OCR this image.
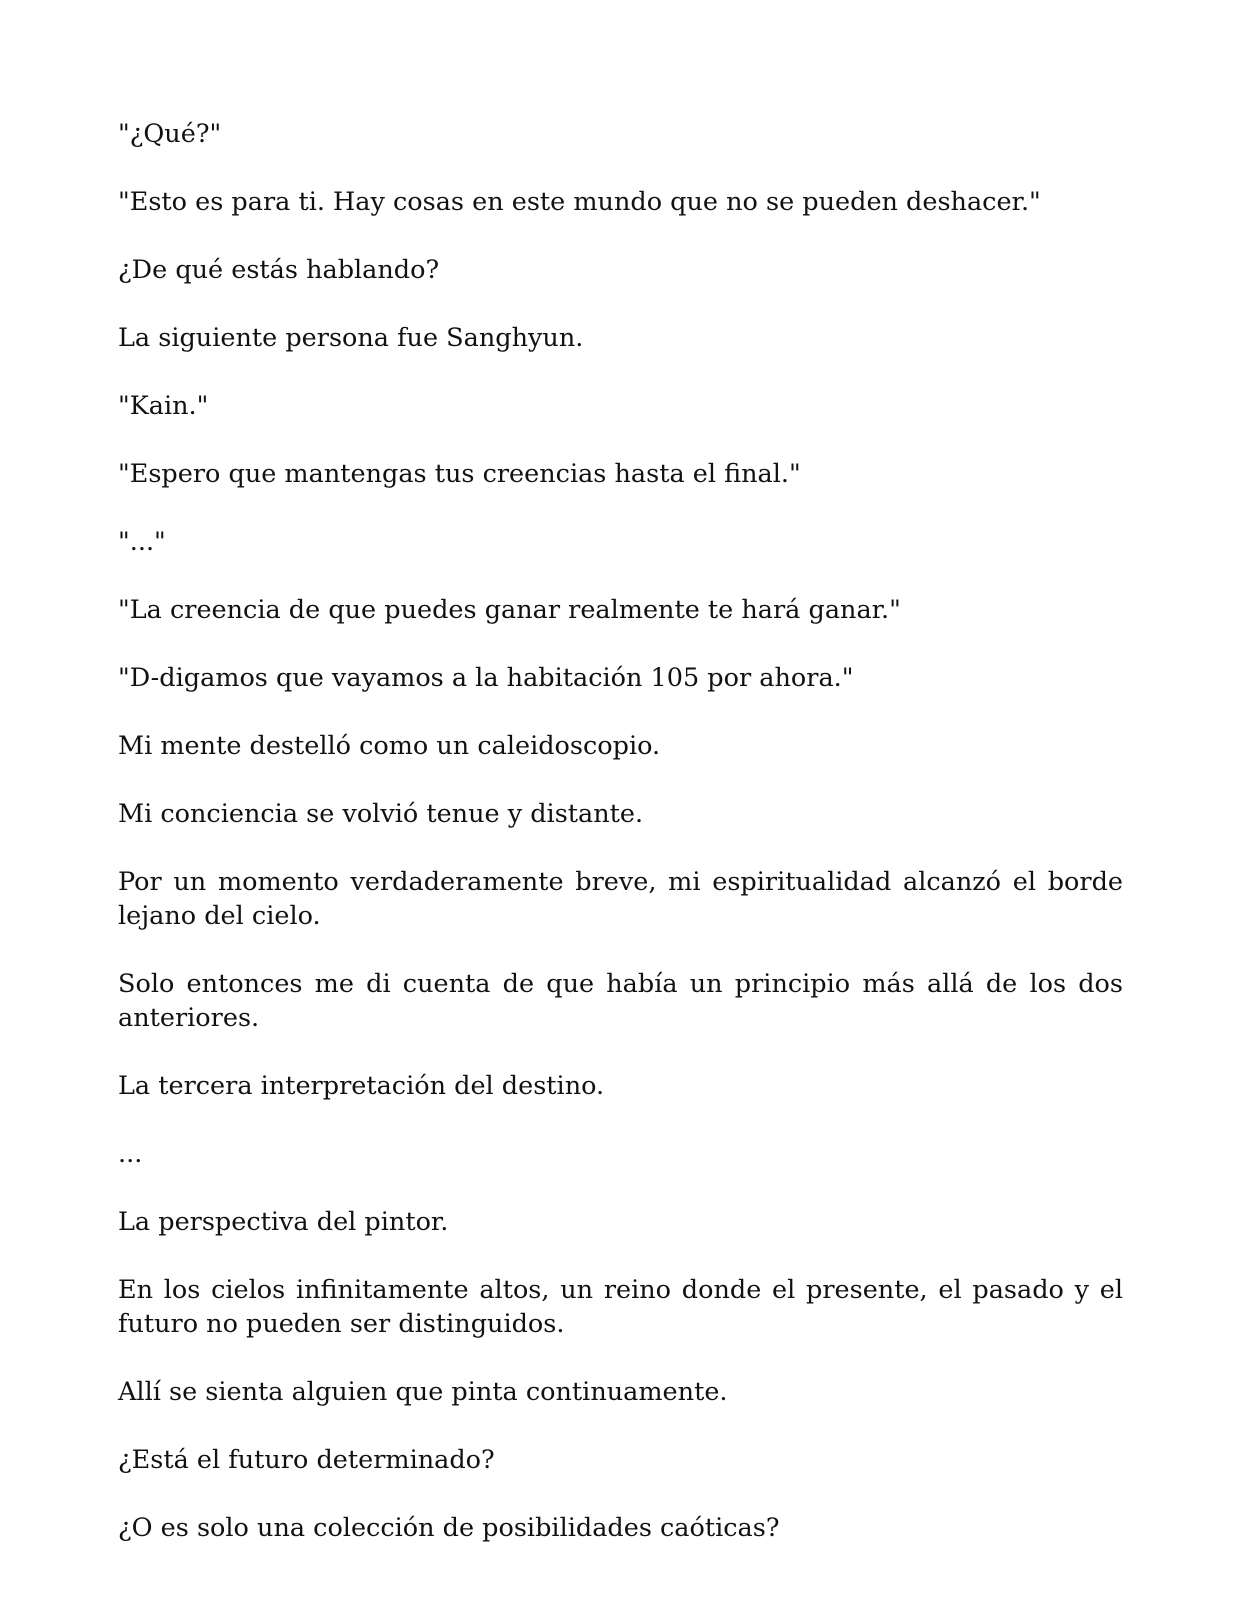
"¿Qué?"

"Esto es para ti. Hay cosas en este mundo que no se pueden deshacer."

¿De qué estás hablando?

La siguiente persona fue Sanghyun.

"Kain."

"Espero que mantengas tus creencias hasta el final."

"..."

"La creencia de que puedes ganar realmente te hará ganar."

"D-digamos que vayamos a la habitación 105 por ahora."

Mi mente destelló como un caleidoscopio.

Mi conciencia se volvió tenue y distante.

Por un momento verdaderamente breve, mi espiritualidad alcanzó el borde lejano del cielo.

Solo entonces me di cuenta de que había un principio más allá de los dos anteriores.

La tercera interpretación del destino.

...

La perspectiva del pintor.

En los cielos infinitamente altos, un reino donde el presente, el pasado y el futuro no pueden ser distinguidos.

Allí se sienta alguien que pinta continuamente.

¿Está el futuro determinado?

¿O es solo una colección de posibilidades caóticas?
